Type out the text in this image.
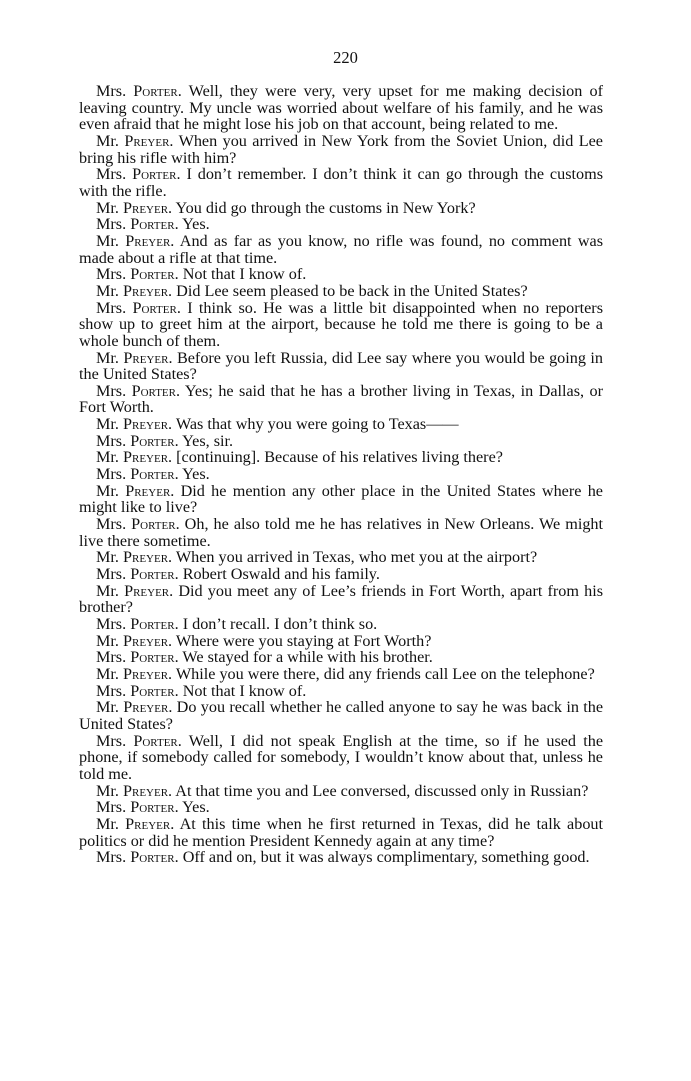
220

Mrs. Porter. Well, they were very, very upset for me making decision of leaving country. My uncle was worried about welfare of his family, and he was even afraid that he might lose his job on that account, being related to me.

Mr. Preyer. When you arrived in New York from the Soviet Union, did Lee bring his rifle with him?

Mrs. Porter. I don’t remember. I don’t think it can go through the customs with the rifle.

Mr. Preyer. You did go through the customs in New York?

Mrs. Porter. Yes.

Mr. Preyer. And as far as you know, no rifle was found, no comment was made about a rifle at that time.

Mrs. Porter. Not that I know of.

Mr. Preyer. Did Lee seem pleased to be back in the United States?

Mrs. Porter. I think so. He was a little bit disappointed when no reporters show up to greet him at the airport, because he told me there is going to be a whole bunch of them.

Mr. Preyer. Before you left Russia, did Lee say where you would be going in the United States?

Mrs. Porter. Yes; he said that he has a brother living in Texas, in Dallas, or Fort Worth.

Mr. Preyer. Was that why you were going to Texas——

Mrs. Porter. Yes, sir.

Mr. Preyer. [continuing]. Because of his relatives living there?

Mrs. Porter. Yes.

Mr. Preyer. Did he mention any other place in the United States where he might like to live?

Mrs. Porter. Oh, he also told me he has relatives in New Orleans. We might live there sometime.

Mr. Preyer. When you arrived in Texas, who met you at the airport?

Mrs. Porter. Robert Oswald and his family.

Mr. Preyer. Did you meet any of Lee’s friends in Fort Worth, apart from his brother?

Mrs. Porter. I don’t recall. I don’t think so.

Mr. Preyer. Where were you staying at Fort Worth?

Mrs. Porter. We stayed for a while with his brother.

Mr. Preyer. While you were there, did any friends call Lee on the telephone?

Mrs. Porter. Not that I know of.

Mr. Preyer. Do you recall whether he called anyone to say he was back in the United States?

Mrs. Porter. Well, I did not speak English at the time, so if he used the phone, if somebody called for somebody, I wouldn’t know about that, unless he told me.

Mr. Preyer. At that time you and Lee conversed, discussed only in Russian?

Mrs. Porter. Yes.

Mr. Preyer. At this time when he first returned in Texas, did he talk about politics or did he mention President Kennedy again at any time?

Mrs. Porter. Off and on, but it was always complimentary, something good.
